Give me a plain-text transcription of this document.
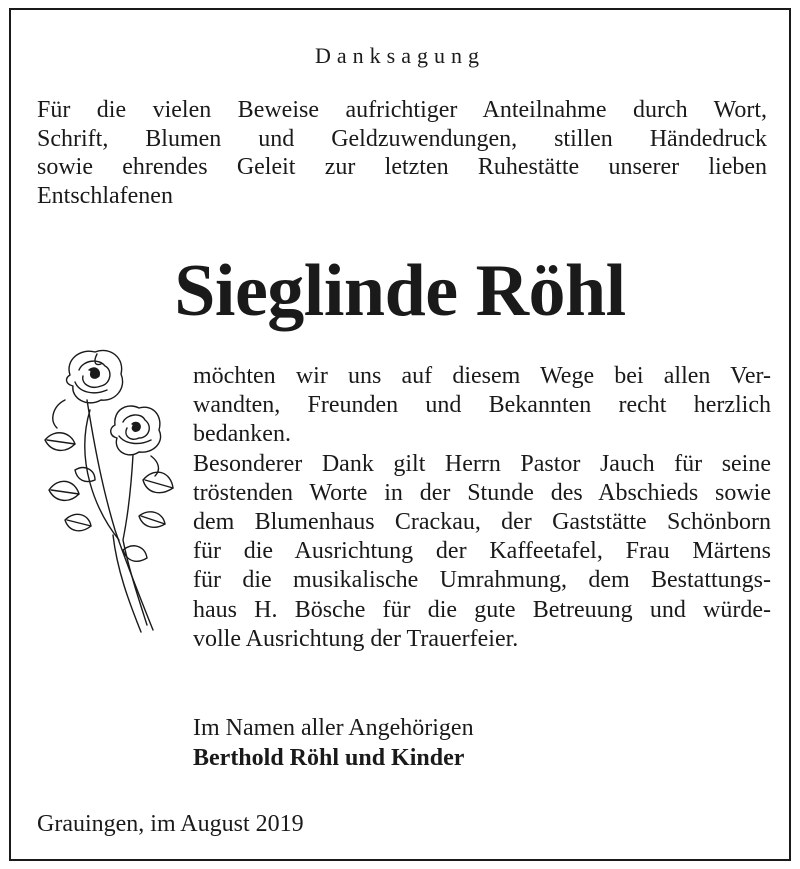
Danksagung
Für die vielen Beweise aufrichtiger Anteilnahme durch Wort,
Schrift, Blumen und Geldzuwendungen, stillen Händedruck
sowie ehrendes Geleit zur letzten Ruhestätte unserer lieben
Entschlafenen
Sieglinde Röhl
möchten wir uns auf diesem Wege bei allen Ver-
wandten, Freunden und Bekannten recht herzlich
bedanken.
Besonderer Dank gilt Herrn Pastor Jauch für seine
tröstenden Worte in der Stunde des Abschieds sowie
dem Blumenhaus Crackau, der Gaststätte Schönborn
für die Ausrichtung der Kaffeetafel, Frau Märtens
für die musikalische Umrahmung, dem Bestattungs-
haus H. Bösche für die gute Betreuung und würde-
volle Ausrichtung der Trauerfeier.
Im Namen aller Angehörigen
Berthold Röhl und Kinder
Grauingen, im August 2019
